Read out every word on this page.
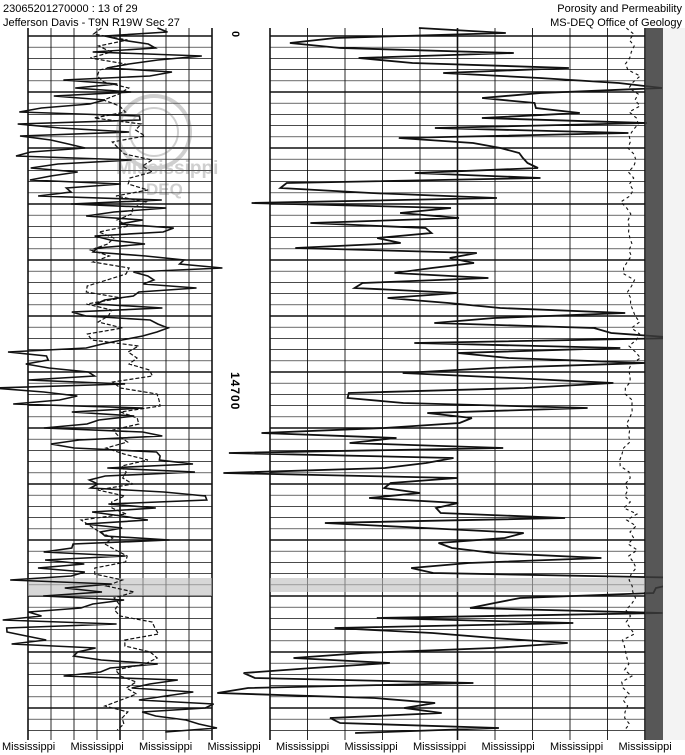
Mississippi
DEQ
23065201270000 : 13 of 29
Jefferson Davis - T9N R19W Sec 27
Porosity and Permeability
MS-DEQ Office of Geology
0
14700
Mississippi	Mississippi	Mississippi	Mississippi	Mississippi	Mississippi	Mississippi	Mississippi	Mississippi	Mississippi
